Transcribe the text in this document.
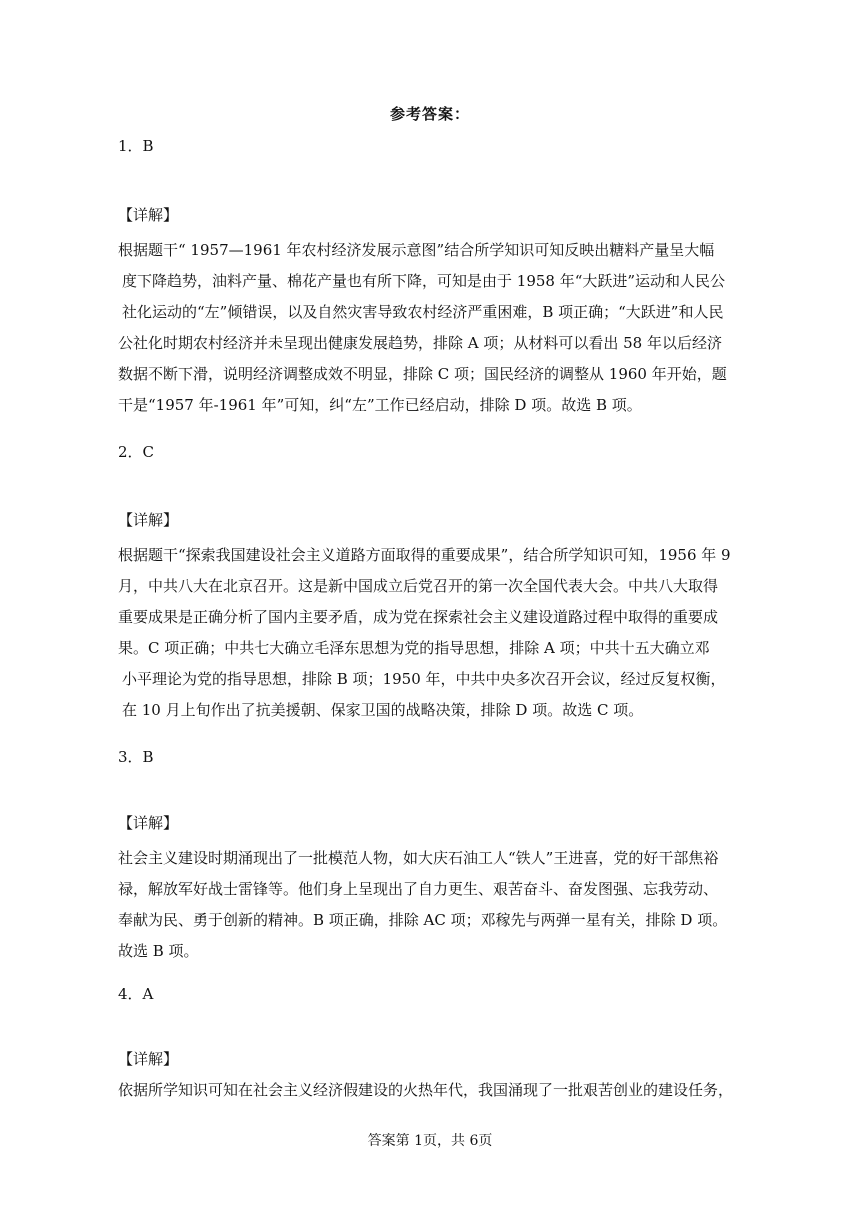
参考答案：
1．B
【详解】
根据题干“ 1957—1961 年农村经济发展示意图”结合所学知识可知反映出糖料产量呈大幅
度下降趋势，油料产量、棉花产量也有所下降，可知是由于 1958 年“大跃进”运动和人民公
社化运动的“左”倾错误，以及自然灾害导致农村经济严重困难，B 项正确；“大跃进”和人民
公社化时期农村经济并未呈现出健康发展趋势，排除 A 项；从材料可以看出 58 年以后经济
数据不断下滑，说明经济调整成效不明显，排除 C 项；国民经济的调整从 1960 年开始，题
干是“1957 年-1961 年”可知，纠“左”工作已经启动，排除 D 项。故选 B 项。
2．C
【详解】
根据题干“探索我国建设社会主义道路方面取得的重要成果”，结合所学知识可知，1956 年 9
月，中共八大在北京召开。这是新中国成立后党召开的第一次全国代表大会。中共八大取得
重要成果是正确分析了国内主要矛盾，成为党在探索社会主义建设道路过程中取得的重要成
果。C 项正确；中共七大确立毛泽东思想为党的指导思想，排除 A 项；中共十五大确立邓
小平理论为党的指导思想，排除 B 项；1950 年，中共中央多次召开会议，经过反复权衡，
在 10 月上旬作出了抗美援朝、保家卫国的战略决策，排除 D 项。故选 C 项。
3．B
【详解】
社会主义建设时期涌现出了一批模范人物，如大庆石油工人“铁人”王进喜，党的好干部焦裕
禄，解放军好战士雷锋等。他们身上呈现出了自力更生、艰苦奋斗、奋发图强、忘我劳动、
奉献为民、勇于创新的精神。B 项正确，排除 AC 项；邓稼先与两弹一星有关，排除 D 项。
故选 B 项。
4．A
【详解】
依据所学知识可知在社会主义经济假建设的火热年代，我国涌现了一批艰苦创业的建设任务，
答案第 1页，共 6页
